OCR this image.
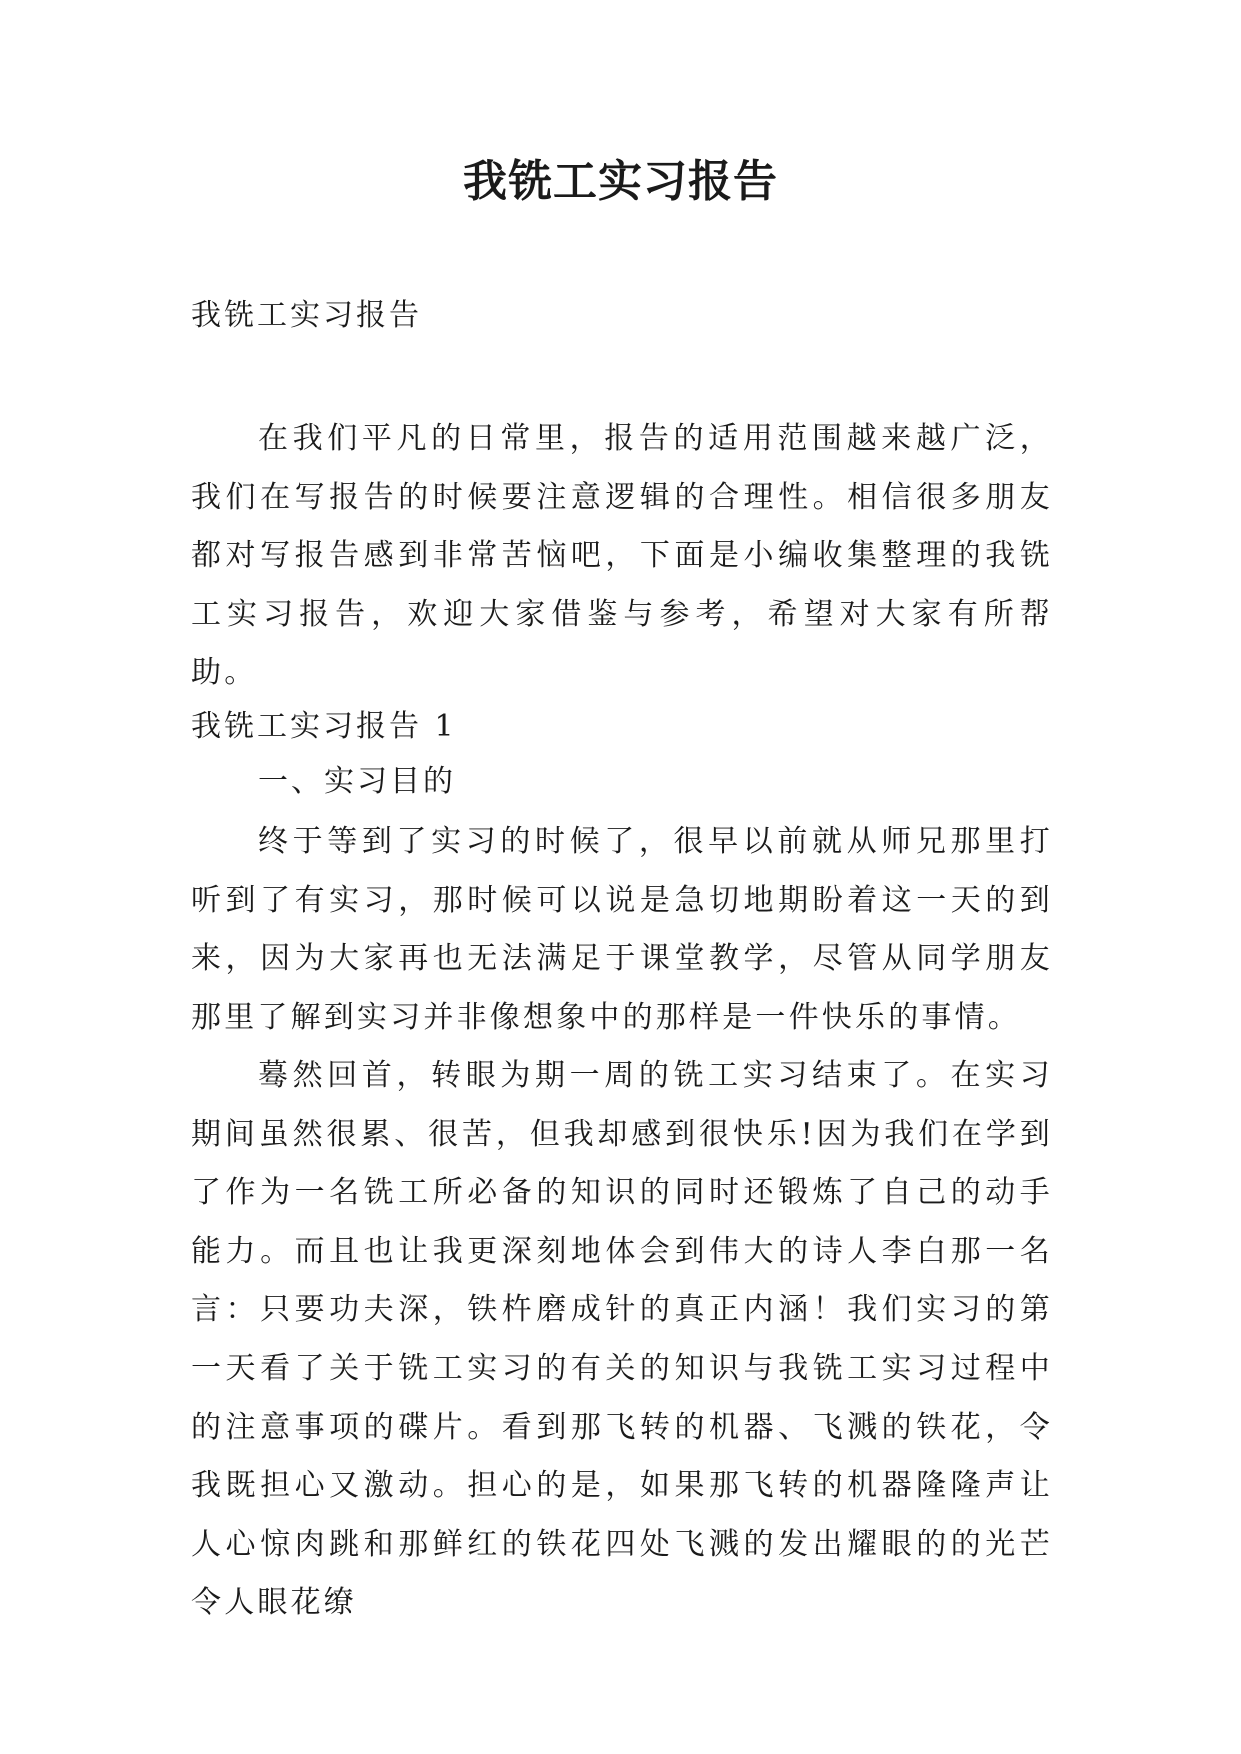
我铣工实习报告

我铣工实习报告

在我们平凡的日常里，报告的适用范围越来越广泛，我们在写报告的时候要注意逻辑的合理性。相信很多朋友都对写报告感到非常苦恼吧，下面是小编收集整理的我铣工实习报告，欢迎大家借鉴与参考，希望对大家有所帮助。

我铣工实习报告 1

一、实习目的

终于等到了实习的时候了，很早以前就从师兄那里打听到了有实习，那时候可以说是急切地期盼着这一天的到来，因为大家再也无法满足于课堂教学，尽管从同学朋友那里了解到实习并非像想象中的那样是一件快乐的事情。

蓦然回首，转眼为期一周的铣工实习结束了。在实习期间虽然很累、很苦，但我却感到很快乐!因为我们在学到了作为一名铣工所必备的知识的同时还锻炼了自己的动手能力。而且也让我更深刻地体会到伟大的诗人李白那一名言：只要功夫深，铁杵磨成针的真正内涵！我们实习的第一天看了关于铣工实习的有关的知识与我铣工实习过程中的注意事项的碟片。看到那飞转的机器、飞溅的铁花，令我既担心又激动。担心的是，如果那飞转的机器隆隆声让人心惊肉跳和那鲜红的铁花四处飞溅的发出耀眼的的光芒令人眼花缭
